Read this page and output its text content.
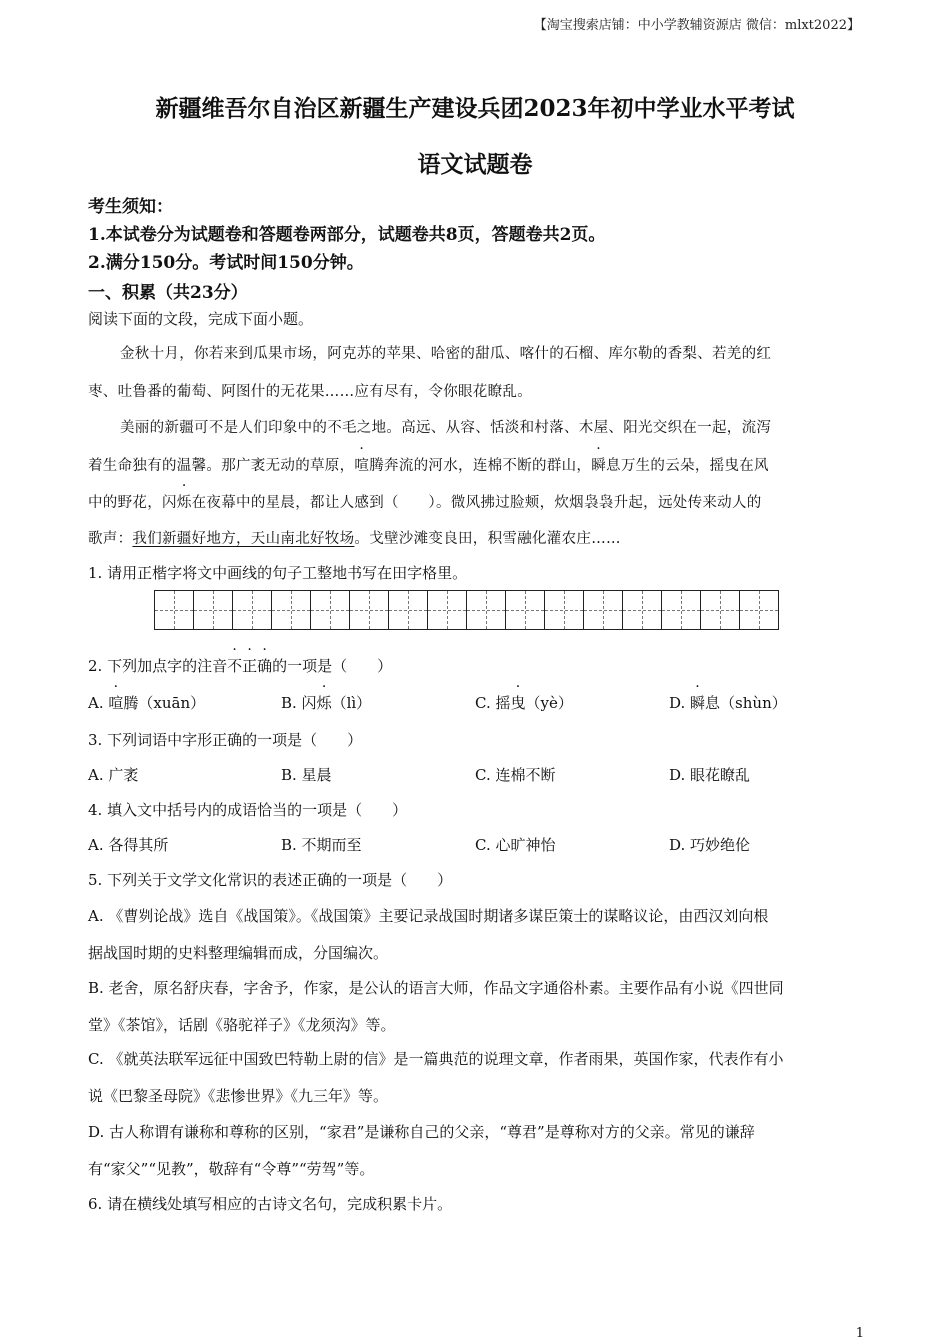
【淘宝搜索店铺：中小学教辅资源店 微信：mlxt2022】
新疆维吾尔自治区新疆生产建设兵团2023年初中学业水平考试
语文试题卷
考生须知：
1.本试卷分为试题卷和答题卷两部分，试题卷共8页，答题卷共2页。
2.满分150分。考试时间150分钟。
一、积累（共23分）
阅读下面的文段，完成下面小题。
金秋十月，你若来到瓜果市场，阿克苏的苹果、哈密的甜瓜、喀什的石榴、库尔勒的香梨、若羌的红
枣、吐鲁番的葡萄、阿图什的无花果……应有尽有，令你眼花瞭乱。
美丽的新疆可不是人们印象中的不毛之地。高远、从容、恬淡和村落、木屋、阳光交织在一起，流泻
着生命独有的温馨。那广袤无动的草原，喧腾奔流的河水，连棉不断的群山，瞬息万生的云朵，摇曳在风
中的野花，闪烁在夜幕中的星晨，都让人感到（　　）。微风拂过脸颊，炊烟袅袅升起，远处传来动人的
歌声：我们新疆好地方，天山南北好牧场。戈壁沙滩变良田，积雪融化灌农庄……
1. 请用正楷字将文中画线的句子工整地书写在田字格里。
2. 下列加点字的注音不正确的一项是（　　）
A. 喧腾（xuān）	B. 闪烁（lì）	C. 摇曳（yè）	D. 瞬息（shùn）
3. 下列词语中字形正确的一项是（　　）
A. 广袤	B. 星晨	C. 连棉不断	D. 眼花瞭乱
4. 填入文中括号内的成语恰当的一项是（　　）
A. 各得其所	B. 不期而至	C. 心旷神怡	D. 巧妙绝伦
5. 下列关于文学文化常识的表述正确的一项是（　　）
A. 《曹刿论战》选自《战国策》。《战国策》主要记录战国时期诸多谋臣策士的谋略议论，由西汉刘向根
据战国时期的史料整理编辑而成，分国编次。
B. 老舍，原名舒庆春，字舍予，作家，是公认的语言大师，作品文字通俗朴素。主要作品有小说《四世同
堂》《茶馆》，话剧《骆驼祥子》《龙须沟》等。
C. 《就英法联军远征中国致巴特勒上尉的信》是一篇典范的说理文章，作者雨果，英国作家，代表作有小
说《巴黎圣母院》《悲惨世界》《九三年》等。
D. 古人称谓有谦称和尊称的区别，“家君”是谦称自己的父亲，“尊君”是尊称对方的父亲。常见的谦辞
有“家父”“见教”，敬辞有“令尊”“劳驾”等。
6. 请在横线处填写相应的古诗文名句，完成积累卡片。
1
